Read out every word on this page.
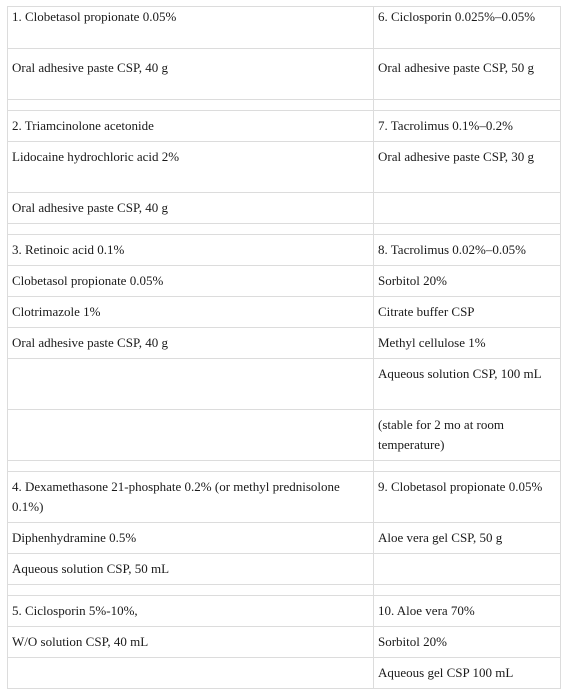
1. Clobetasol propionate 0.05%	6. Ciclosporin 0.025%–0.05%
Oral adhesive paste CSP, 40 g	Oral adhesive paste CSP, 50 g

2. Triamcinolone acetonide	7. Tacrolimus 0.1%–0.2%
Lidocaine hydrochloric acid 2%	Oral adhesive paste CSP, 30 g
Oral adhesive paste CSP, 40 g	

3. Retinoic acid 0.1%	8. Tacrolimus 0.02%–0.05%
Clobetasol propionate 0.05%	Sorbitol 20%
Clotrimazole 1%	Citrate buffer CSP
Oral adhesive paste CSP, 40 g	Methyl cellulose 1%
	Aqueous solution CSP, 100 mL
	(stable for 2 mo at room temperature)

4. Dexamethasone 21-phosphate 0.2% (or methyl prednisolone 0.1%)	9. Clobetasol propionate 0.05%
Diphenhydramine 0.5%	Aloe vera gel CSP, 50 g
Aqueous solution CSP, 50 mL	

5. Ciclosporin 5%-10%,	10. Aloe vera 70%
W/O solution CSP, 40 mL	Sorbitol 20%
	Aqueous gel CSP 100 mL
